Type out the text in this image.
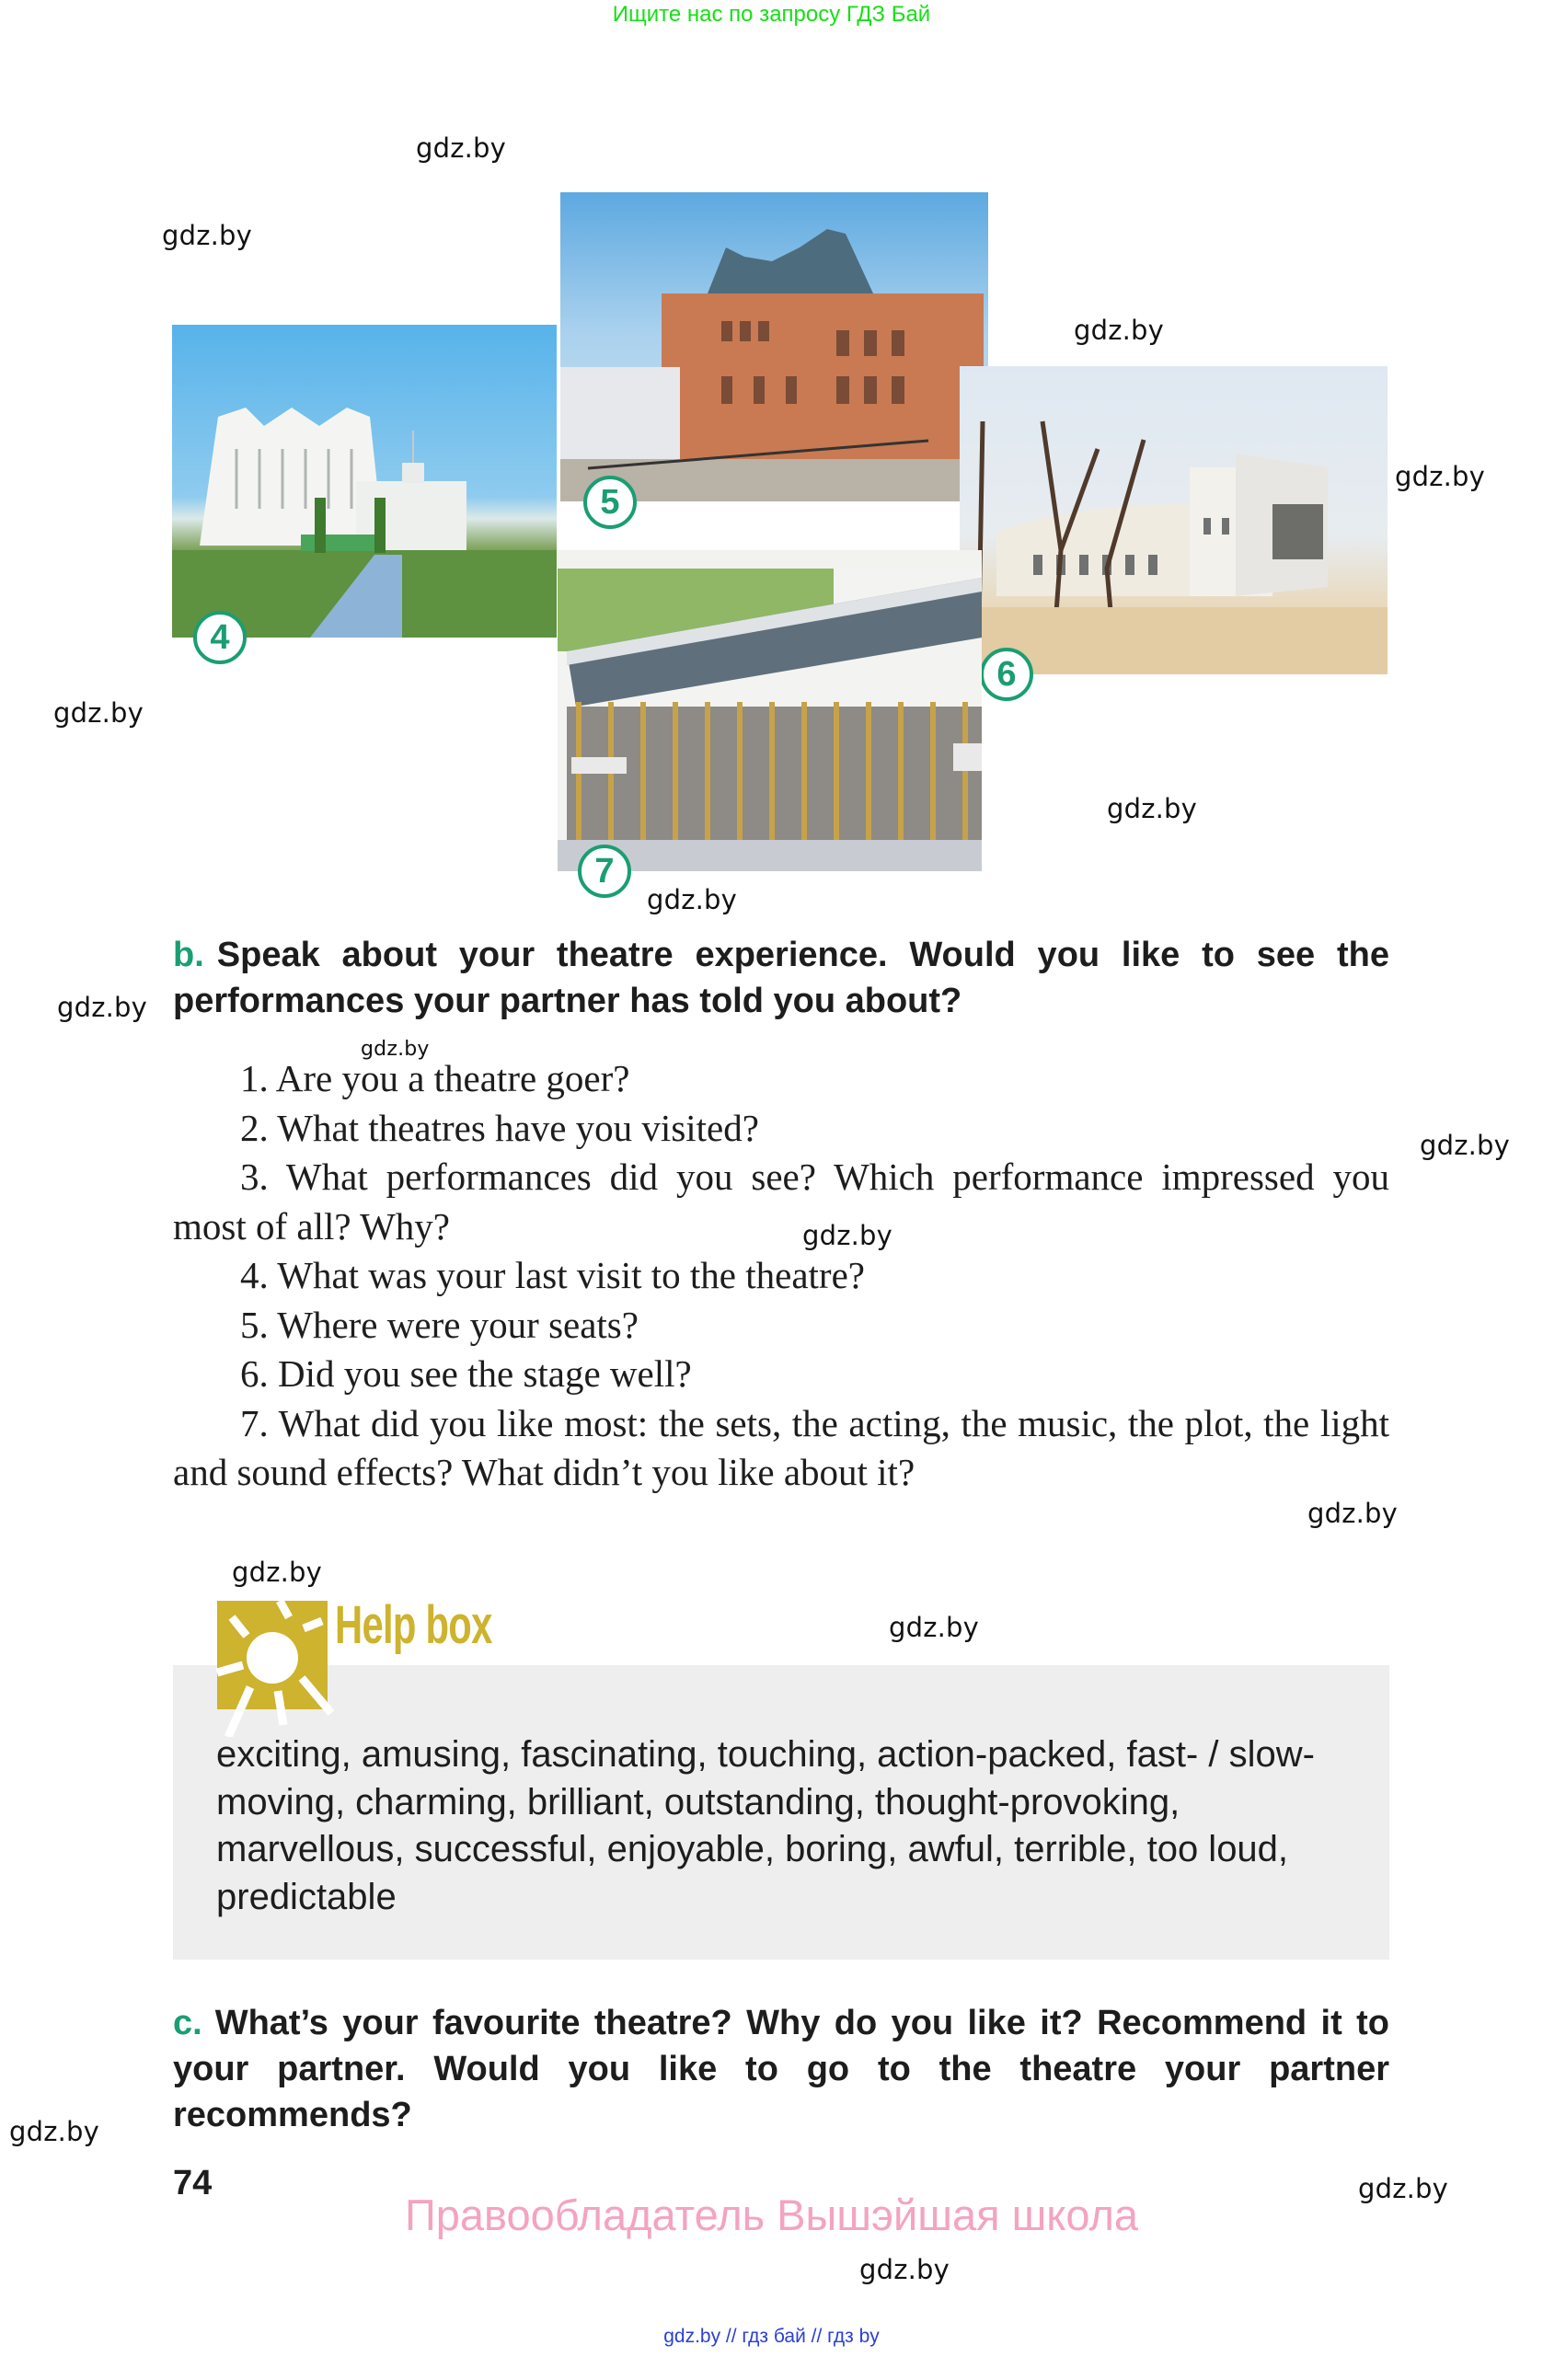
Ищите нас по запросу ГДЗ Бай
gdz.by
gdz.by
gdz.by
gdz.by
gdz.by
gdz.by
gdz.by
gdz.by
gdz.by
gdz.by
gdz.by
gdz.by
gdz.by
gdz.by
gdz.by
gdz.by
gdz.by
4
5
6
7
b. Speak about your theatre experience. Would you like to see the performances your partner has told you about?

1. Are you a theatre goer?

2. What theatres have you visited?

3. What performances did you see? Which performance impressed you most of all? Why?

4. What was your last visit to the theatre?

5. Where were your seats?

6. Did you see the stage well?

7. What did you like most: the sets, the acting, the music, the plot, the light and sound effects? What didn’t you like about it?

exciting, amusing, fascinating, touching, action-packed, fast- / slow-moving, charming, brilliant, outstanding, thought-provoking, marvellous, successful, enjoyable, boring, awful, terrible, too loud, predictable
Help box
c. What’s your favourite theatre? Why do you like it? Recommend it to your partner. Would you like to go to the theatre your partner recommends?
74
Правообладатель Вышэйшая школа
gdz.by // гдз бай // гдз by
